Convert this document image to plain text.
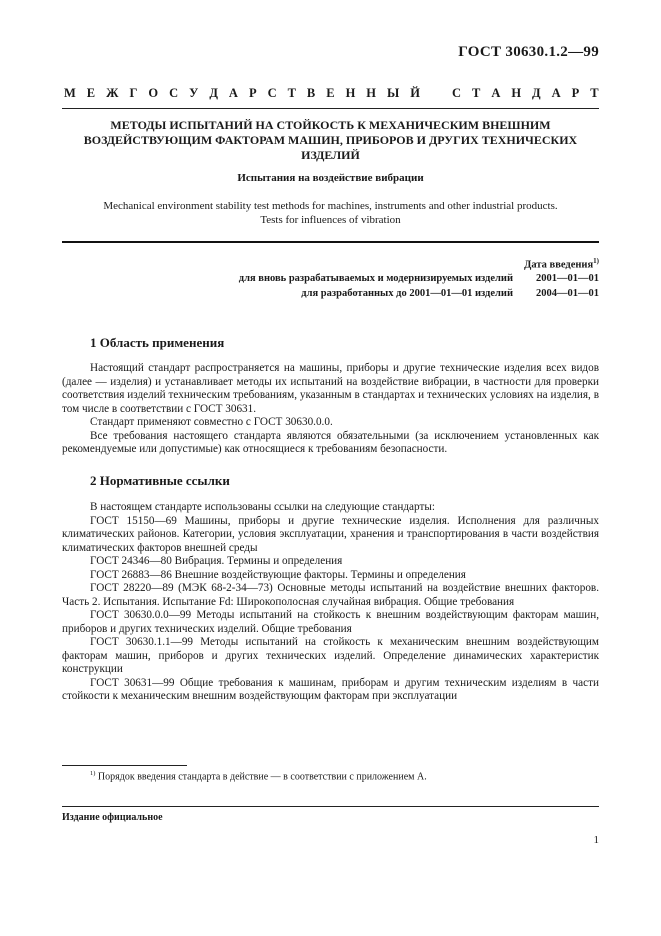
ГОСТ 30630.1.2—99
М Е Ж Г О С У Д А Р С Т В Е Н Н Ы Й	С Т А Н Д А Р Т
МЕТОДЫ ИСПЫТАНИЙ НА СТОЙКОСТЬ К МЕХАНИЧЕСКИМ ВНЕШНИМ
ВОЗДЕЙСТВУЮЩИМ ФАКТОРАМ МАШИН, ПРИБОРОВ И ДРУГИХ ТЕХНИЧЕСКИХ
ИЗДЕЛИЙ
Испытания на воздействие вибрации
Mechanical environment stability test methods for machines, instruments and other industrial products.
Tests for influences of vibration
Дата введения$^{1)}$
для вновь разрабатываемых и модернизируемых изделий	2001—01—01
для разработанных до 2001—01—01 изделий	2004—01—01
1 Область применения

Настоящий стандарт распространяется на машины, приборы и другие технические изделия всех видов (далее — изделия) и устанавливает методы их испытаний на воздействие вибрации, в частности для проверки соответствия изделий техническим требованиям, указанным в стандартах и технических условиях на изделия, в том числе в соответствии с ГОСТ 30631.

Стандарт применяют совместно с ГОСТ 30630.0.0.

Все требования настоящего стандарта являются обязательными (за исключением установленных как рекомендуемые или допустимые) как относящиеся к требованиям безопасности.

2 Нормативные ссылки

В настоящем стандарте использованы ссылки на следующие стандарты:

ГОСТ 15150—69 Машины, приборы и другие технические изделия. Исполнения для различных климатических районов. Категории, условия эксплуатации, хранения и транспортирования в части воздействия климатических факторов внешней среды

ГОСТ 24346—80 Вибрация. Термины и определения

ГОСТ 26883—86 Внешние воздействующие факторы. Термины и определения

ГОСТ 28220—89 (МЭК 68-2-34—73) Основные методы испытаний на воздействие внешних факторов. Часть 2. Испытания. Испытание Fd: Широкополосная случайная вибрация. Общие требования

ГОСТ 30630.0.0—99 Методы испытаний на стойкость к внешним воздействующим факторам машин, приборов и других технических изделий. Общие требования

ГОСТ 30630.1.1—99 Методы испытаний на стойкость к механическим внешним воздействующим факторам машин, приборов и других технических изделий. Определение динамических характеристик конструкции

ГОСТ 30631—99 Общие требования к машинам, приборам и другим техническим изделиям в части стойкости к механическим внешним воздействующим факторам при эксплуатации

$^{1)}$ Порядок введения стандарта в действие — в соответствии с приложением А.
Издание официальное
1
